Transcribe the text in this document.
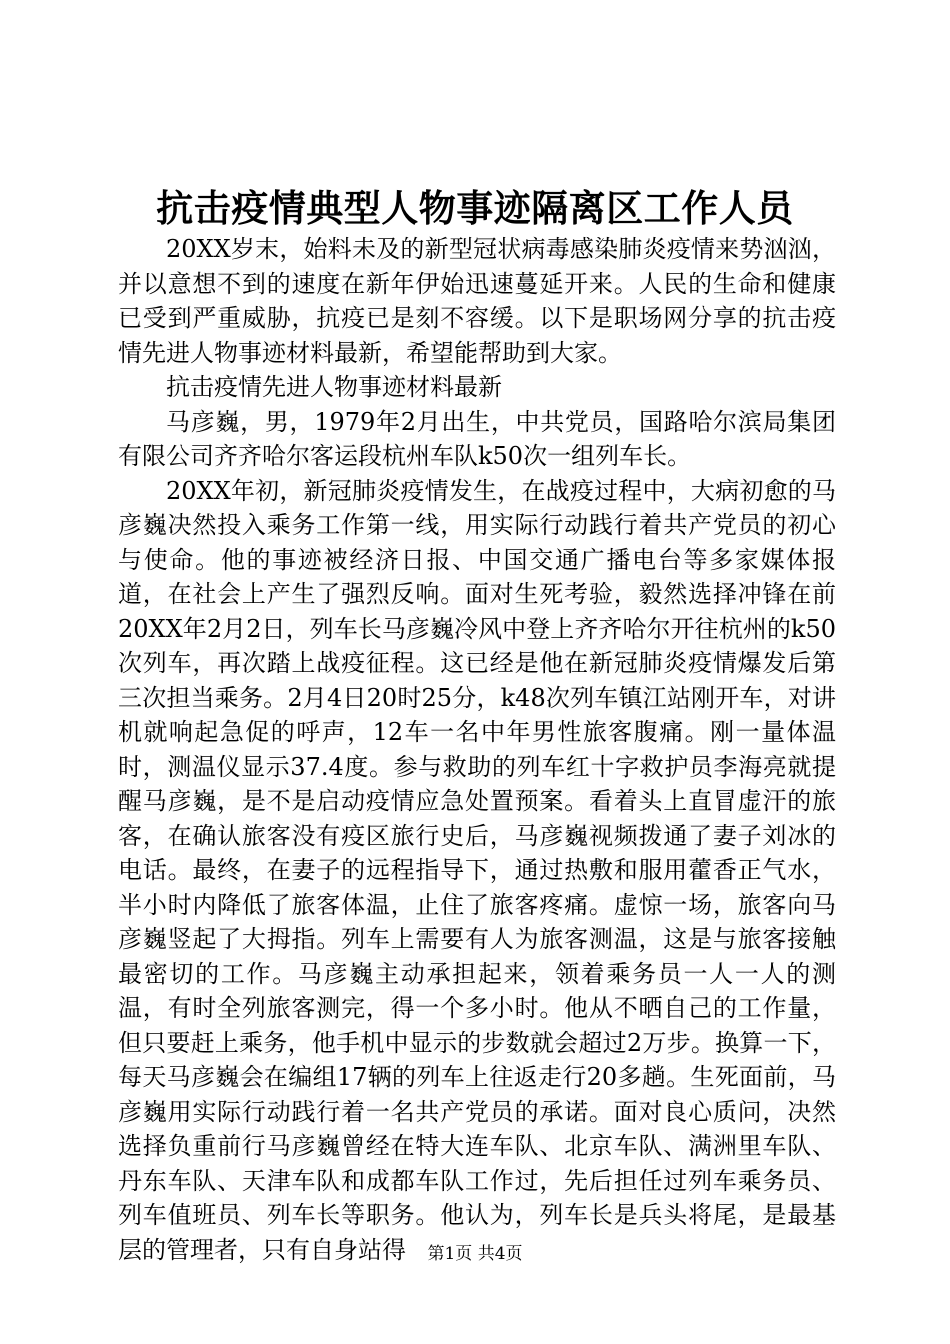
抗击疫情典型人物事迹隔离区工作人员

20XX岁末，始料未及的新型冠状病毒感染肺炎疫情来势汹汹，并以意想不到的速度在新年伊始迅速蔓延开来。人民的生命和健康已受到严重威胁，抗疫已是刻不容缓。以下是职场网分享的抗击疫情先进人物事迹材料最新，希望能帮助到大家。

抗击疫情先进人物事迹材料最新

马彦巍，男，1979年2月出生，中共党员，国路哈尔滨局集团有限公司齐齐哈尔客运段杭州车队k50次一组列车长。

20XX年初，新冠肺炎疫情发生，在战疫过程中，大病初愈的马彦巍决然投入乘务工作第一线，用实际行动践行着共产党员的初心与使命。他的事迹被经济日报、中国交通广播电台等多家媒体报道，在社会上产生了强烈反响。面对生死考验，毅然选择冲锋在前20XX年2月2日，列车长马彦巍冷风中登上齐齐哈尔开往杭州的k50次列车，再次踏上战疫征程。这已经是他在新冠肺炎疫情爆发后第三次担当乘务。2月4日20时25分，k48次列车镇江站刚开车，对讲机就响起急促的呼声，12车一名中年男性旅客腹痛。刚一量体温时，测温仪显示37.4度。参与救助的列车红十字救护员李海亮就提醒马彦巍，是不是启动疫情应急处置预案。看着头上直冒虚汗的旅客，在确认旅客没有疫区旅行史后，马彦巍视频拨通了妻子刘冰的电话。最终，在妻子的远程指导下，通过热敷和服用藿香正气水，半小时内降低了旅客体温，止住了旅客疼痛。虚惊一场，旅客向马彦巍竖起了大拇指。列车上需要有人为旅客测温，这是与旅客接触最密切的工作。马彦巍主动承担起来，领着乘务员一人一人的测温，有时全列旅客测完，得一个多小时。他从不晒自己的工作量，但只要赶上乘务，他手机中显示的步数就会超过2万步。换算一下，每天马彦巍会在编组17辆的列车上往返走行20多趟。生死面前，马彦巍用实际行动践行着一名共产党员的承诺。面对良心质问，决然选择负重前行马彦巍曾经在特大连车队、北京车队、满洲里车队、丹东车队、天津车队和成都车队工作过，先后担任过列车乘务员、列车值班员、列车长等职务。他认为，列车长是兵头将尾，是最基层的管理者，只有自身站得	第1页 共4页
